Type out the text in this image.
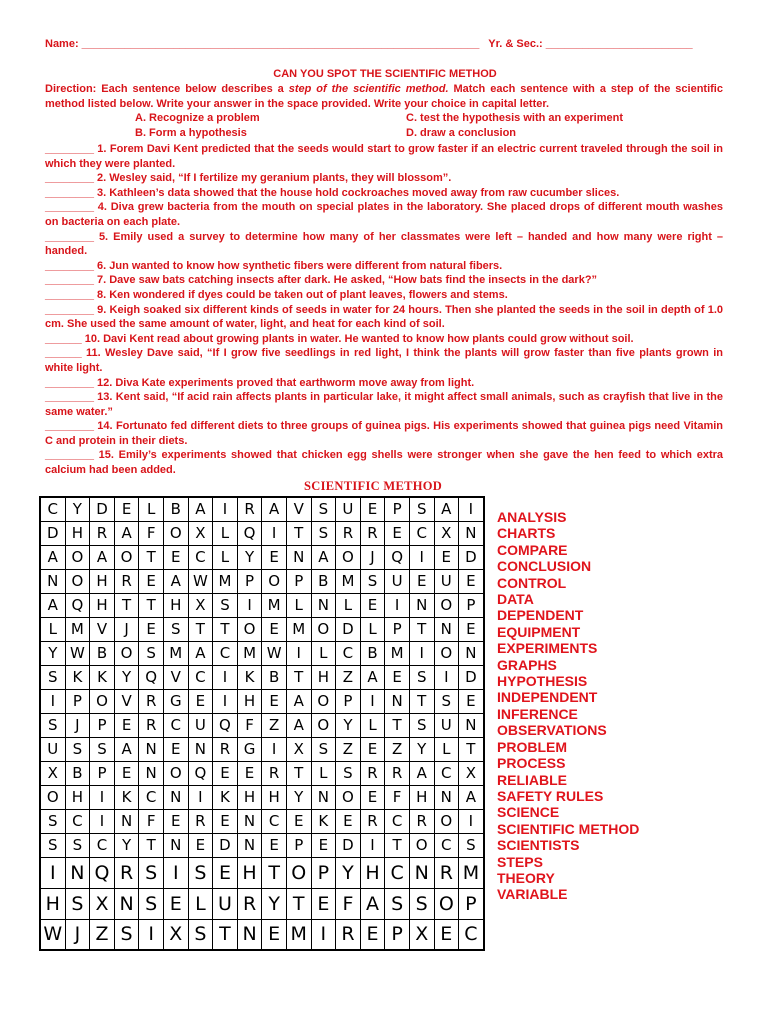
Name: _________________________________________________________________   Yr. & Sec.: ________________________
CAN YOU SPOT THE SCIENTIFIC METHOD
Direction: Each sentence below describes a step of the scientific method. Match each sentence with a step of the scientific method listed below. Write your answer in the space provided. Write your choice in capital letter.
A. Recognize a problem	C. test the hypothesis with an experiment
B. Form a hypothesis	D. draw a conclusion
________ 1. Forem Davi Kent predicted that the seeds would start to grow faster if an electric current traveled through the soil in which they were planted.
________ 2. Wesley said, “If I fertilize my geranium plants, they will blossom”.
________ 3. Kathleen’s data showed that the house hold cockroaches moved away from raw cucumber slices.
________ 4. Diva grew bacteria from the mouth on special plates in the laboratory. She placed drops of different mouth washes on bacteria on each plate.
________ 5. Emily used a survey to determine how many of her classmates were left – handed and how many were right – handed.
________ 6. Jun wanted to know how synthetic fibers were different from natural fibers.
________ 7. Dave saw bats catching insects after dark. He asked, “How bats find the insects in the dark?”
________ 8. Ken wondered if dyes could be taken out of plant leaves, flowers and stems.
________ 9. Keigh soaked six different kinds of seeds in water for 24 hours. Then she planted the seeds in the soil in depth of 1.0 cm. She used the same amount of water, light, and heat for each kind of soil.
______ 10. Davi Kent read about growing plants in water. He wanted to know how plants could grow without soil.
______ 11. Wesley Dave said, “If I grow five seedlings in red light, I think the plants will grow faster than five plants grown in white light.
________ 12. Diva Kate experiments proved that earthworm move away from light.
________ 13. Kent said, “If acid rain affects plants in particular lake, it might affect small animals, such as crayfish that live in the same water.”
________ 14. Fortunato fed different diets to three groups of guinea pigs. His experiments showed that guinea pigs need Vitamin C and protein in their diets.
________ 15. Emily’s experiments showed that chicken egg shells were stronger when she gave the hen feed to which extra calcium had been added.
SCIENTIFIC METHOD
C	Y	D	E	L	B	A	I	R	A	V	S	U	E	P	S	A	I
D	H	R	A	F	O	X	L	Q	I	T	S	R	R	E	C	X	N
A	O	A	O	T	E	C	L	Y	E	N	A	O	J	Q	I	E	D
N	O	H	R	E	A	W	M	P	O	P	B	M	S	U	E	U	E
A	Q	H	T	T	H	X	S	I	M	L	N	L	E	I	N	O	P
L	M	V	J	E	S	T	T	O	E	M	O	D	L	P	T	N	E
Y	W	B	O	S	M	A	C	M	W	I	L	C	B	M	I	O	N
S	K	K	Y	Q	V	C	I	K	B	T	H	Z	A	E	S	I	D
I	P	O	V	R	G	E	I	H	E	A	O	P	I	N	T	S	E
S	J	P	E	R	C	U	Q	F	Z	A	O	Y	L	T	S	U	N
U	S	S	A	N	E	N	R	G	I	X	S	Z	E	Z	Y	L	T
X	B	P	E	N	O	Q	E	E	R	T	L	S	R	R	A	C	X
O	H	I	K	C	N	I	K	H	H	Y	N	O	E	F	H	N	A
S	C	I	N	F	E	R	E	N	C	E	K	E	R	C	R	O	I
S	S	C	Y	T	N	E	D	N	E	P	E	D	I	T	O	C	S
I	N	Q	R	S	I	S	E	H	T	O	P	Y	H	C	N	R	M
H	S	X	N	S	E	L	U	R	Y	T	E	F	A	S	S	O	P
W	J	Z	S	I	X	S	T	N	E	M	I	R	E	P	X	E	C
ANALYSIS
CHARTS
COMPARE
CONCLUSION
CONTROL
DATA
DEPENDENT
EQUIPMENT
EXPERIMENTS
GRAPHS
HYPOTHESIS
INDEPENDENT
INFERENCE
OBSERVATIONS
PROBLEM
PROCESS
RELIABLE
SAFETY RULES
SCIENCE
SCIENTIFIC METHOD
SCIENTISTS
STEPS
THEORY
VARIABLE
